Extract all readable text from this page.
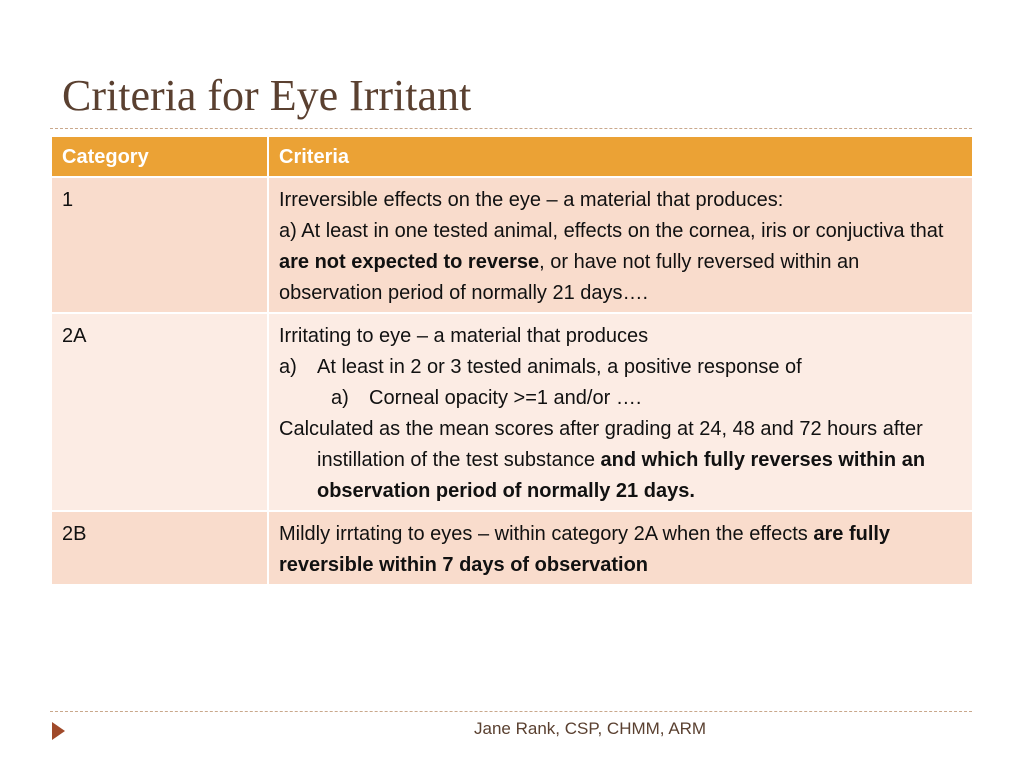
Criteria for Eye Irritant
Category	Criteria
1	Irreversible effects on the eye – a material that produces:
a) At least in one tested animal, effects on the cornea, iris or conjuctiva that are not expected to reverse, or have not fully reversed within an observation period of normally 21 days….

2A	Irritating to eye – a material that produces
a) At least in 2 or 3 tested animals, a positive response of
a) Corneal opacity >=1 and/or ….
Calculated as the mean scores after grading at 24, 48 and 72 hours after instillation of the test substance and which fully reverses within an observation period of normally 21 days.

2B	Mildly irrtating to eyes – within category 2A when the effects are fully reversible within 7 days of observation
Jane Rank, CSP, CHMM, ARM
